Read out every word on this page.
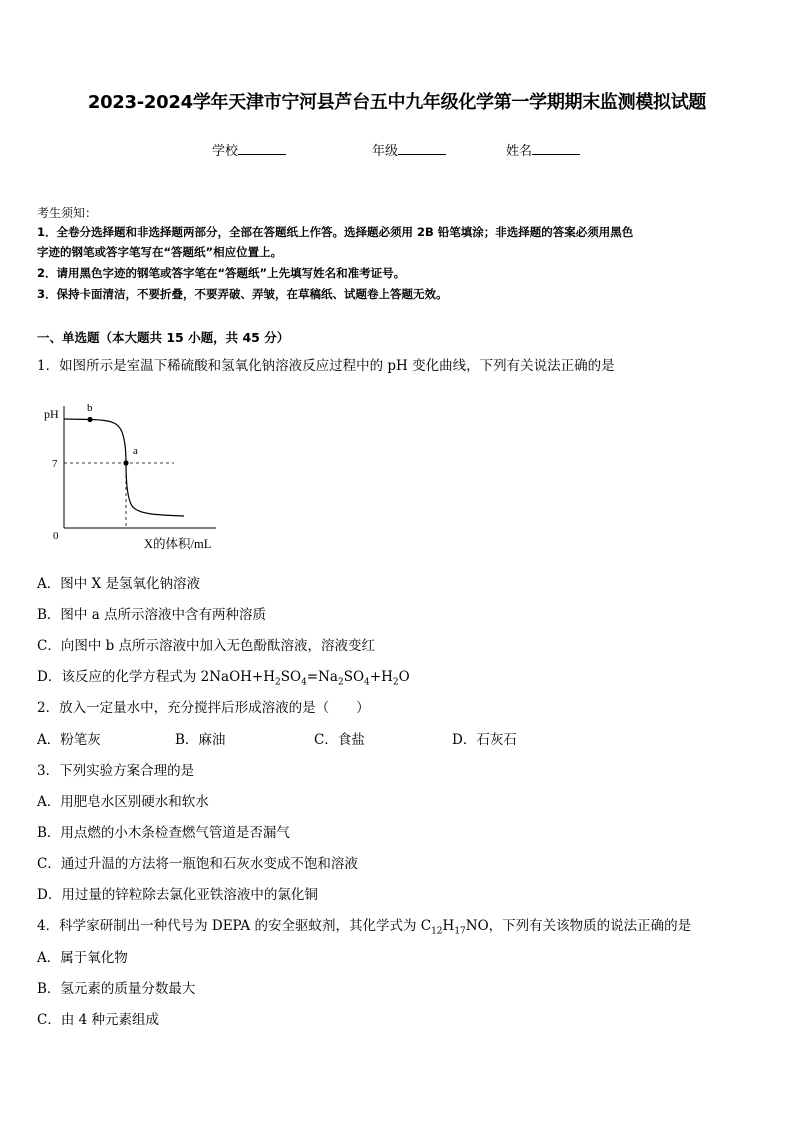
2023-2024学年天津市宁河县芦台五中九年级化学第一学期期末监测模拟试题
学校	年级	姓名
考生须知：
1．全卷分选择题和非选择题两部分，全部在答题纸上作答。选择题必须用 2B 铅笔填涂；非选择题的答案必须用黑色
字迹的钢笔或答字笔写在“答题纸”相应位置上。
2．请用黑色字迹的钢笔或答字笔在“答题纸”上先填写姓名和准考证号。
3．保持卡面清洁，不要折叠，不要弄破、弄皱，在草稿纸、试题卷上答题无效。
一、单选题（本大题共 15 小题，共 45 分）
1．如图所示是室温下稀硫酸和氢氧化钠溶液反应过程中的 pH 变化曲线，下列有关说法正确的是
pH
7
0
b
a
X的体积/mL
A．图中 X 是氢氧化钠溶液
B．图中 a 点所示溶液中含有两种溶质
C．向图中 b 点所示溶液中加入无色酚酞溶液，溶液变红
D．该反应的化学方程式为 $2NaOH+H_2SO_4=Na_2SO_4+H_2O$
2．放入一定量水中，充分搅拌后形成溶液的是（　　）
A．粉笔灰	B．麻油	C．食盐	D．石灰石
3．下列实验方案合理的是
A．用肥皂水区别硬水和软水
B．用点燃的小木条检查燃气管道是否漏气
C．通过升温的方法将一瓶饱和石灰水变成不饱和溶液
D．用过量的锌粒除去氯化亚铁溶液中的氯化铜
4．科学家研制出一种代号为 DEPA 的安全驱蚊剂，其化学式为 $C_{12}H_{17}NO$，下列有关该物质的说法正确的是
A．属于氧化物
B．氢元素的质量分数最大
C．由 4 种元素组成
